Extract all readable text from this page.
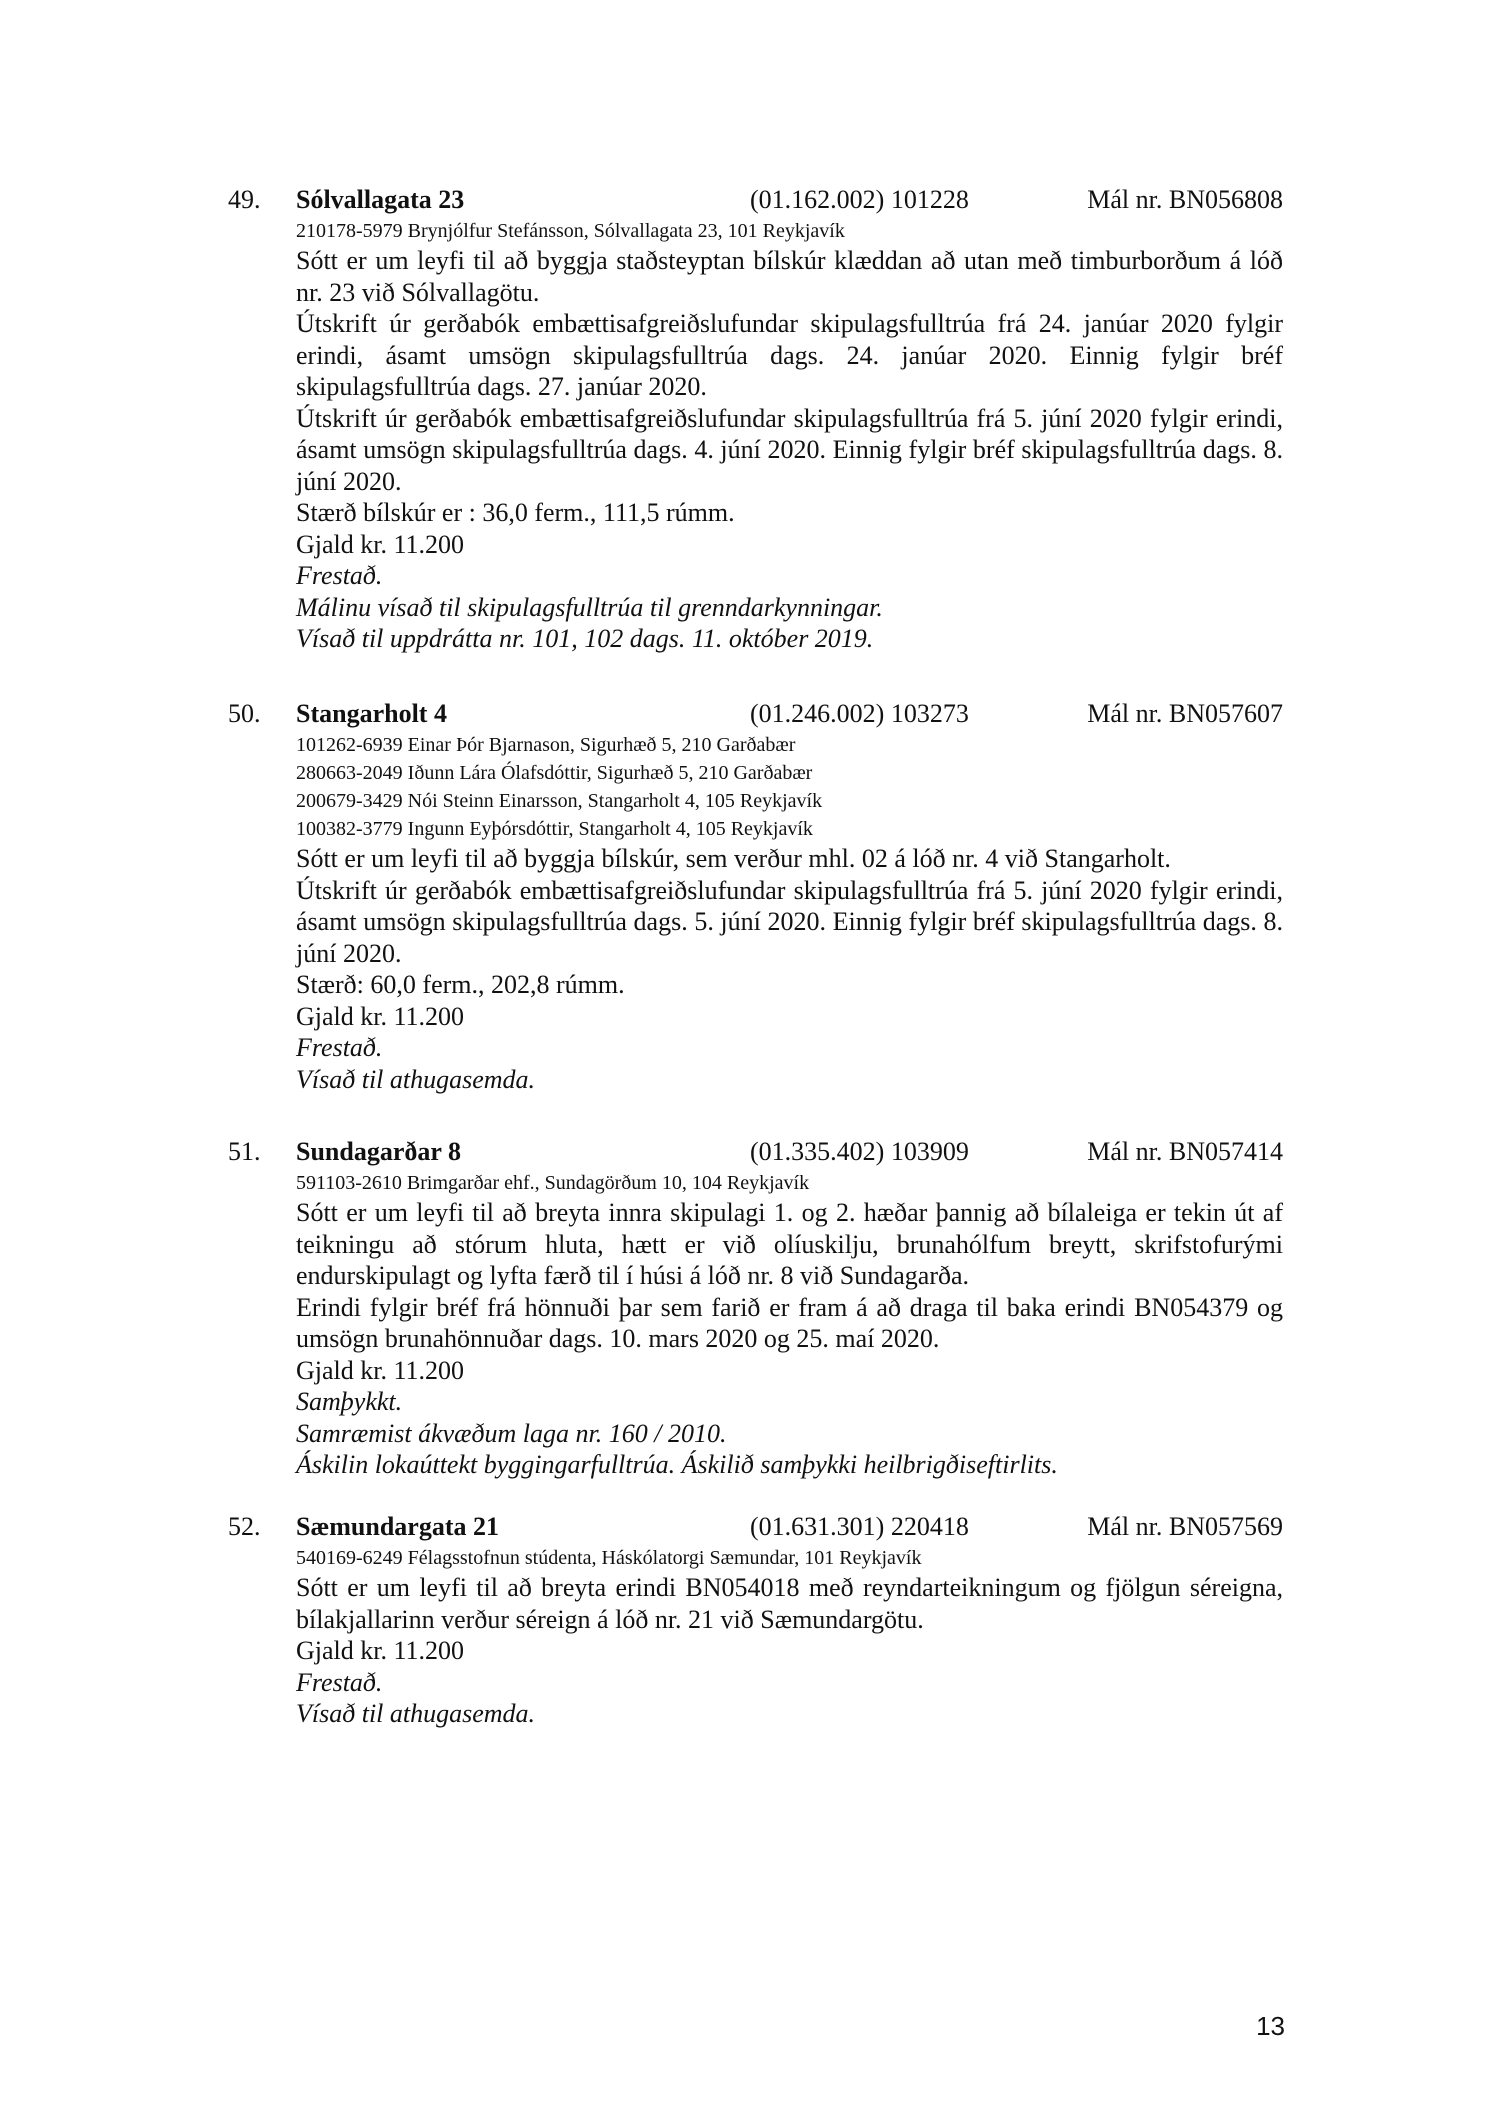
49. Sólvallagata 23	(01.162.002) 101228	Mál nr. BN056808
210178-5979 Brynjólfur Stefánsson, Sólvallagata 23, 101 Reykjavík
Sótt er um leyfi til að byggja staðsteyptan bílskúr klæddan að utan með timburborðum á lóð nr. 23 við Sólvallagötu.
Útskrift úr gerðabók embættisafgreiðslufundar skipulagsfulltrúa frá 24. janúar 2020 fylgir erindi, ásamt umsögn skipulagsfulltrúa dags. 24. janúar 2020. Einnig fylgir bréf skipulagsfulltrúa dags. 27. janúar 2020.
Útskrift úr gerðabók embættisafgreiðslufundar skipulagsfulltrúa frá 5. júní 2020 fylgir erindi, ásamt umsögn skipulagsfulltrúa dags. 4. júní 2020. Einnig fylgir bréf skipulagsfulltrúa dags. 8. júní 2020.
Stærð bílskúr er : 36,0 ferm., 111,5 rúmm.
Gjald kr. 11.200
Frestað.
Málinu vísað til skipulagsfulltrúa til grenndarkynningar.
Vísað til uppdrátta nr. 101, 102 dags. 11. október 2019.
50. Stangarholt 4	(01.246.002) 103273	Mál nr. BN057607
101262-6939 Einar Þór Bjarnason, Sigurhæð 5, 210 Garðabær
280663-2049 Iðunn Lára Ólafsdóttir, Sigurhæð 5, 210 Garðabær
200679-3429 Nói Steinn Einarsson, Stangarholt 4, 105 Reykjavík
100382-3779 Ingunn Eyþórsdóttir, Stangarholt 4, 105 Reykjavík
Sótt er um leyfi til að byggja bílskúr, sem verður mhl. 02 á lóð nr. 4 við Stangarholt.
Útskrift úr gerðabók embættisafgreiðslufundar skipulagsfulltrúa frá 5. júní 2020 fylgir erindi, ásamt umsögn skipulagsfulltrúa dags. 5. júní 2020. Einnig fylgir bréf skipulagsfulltrúa dags. 8. júní 2020.
Stærð: 60,0 ferm., 202,8 rúmm.
Gjald kr. 11.200
Frestað.
Vísað til athugasemda.
51. Sundagarðar 8	(01.335.402) 103909	Mál nr. BN057414
591103-2610 Brimgarðar ehf., Sundagörðum 10, 104 Reykjavík
Sótt er um leyfi til að breyta innra skipulagi 1. og 2. hæðar þannig að bílaleiga er tekin út af teikningu að stórum hluta, hætt er við olíuskilju, brunahólfum breytt, skrifstofurými endurskipulagt og lyfta færð til í húsi á lóð nr. 8 við Sundagarða.
Erindi fylgir bréf frá hönnuði þar sem farið er fram á að draga til baka erindi BN054379 og umsögn brunahönnuðar dags. 10. mars 2020 og 25. maí 2020.
Gjald kr. 11.200
Samþykkt.
Samræmist ákvæðum laga nr. 160 / 2010.
Áskilin lokaúttekt byggingarfulltrúa. Áskilið samþykki heilbrigðiseftirlits.
52. Sæmundargata 21	(01.631.301) 220418	Mál nr. BN057569
540169-6249 Félagsstofnun stúdenta, Háskólatorgi Sæmundar, 101 Reykjavík
Sótt er um leyfi til að breyta erindi BN054018 með reyndarteikningum og fjölgun séreigna, bílakjallarinn verður séreign á lóð nr. 21 við Sæmundargötu.
Gjald kr. 11.200
Frestað.
Vísað til athugasemda.
13
